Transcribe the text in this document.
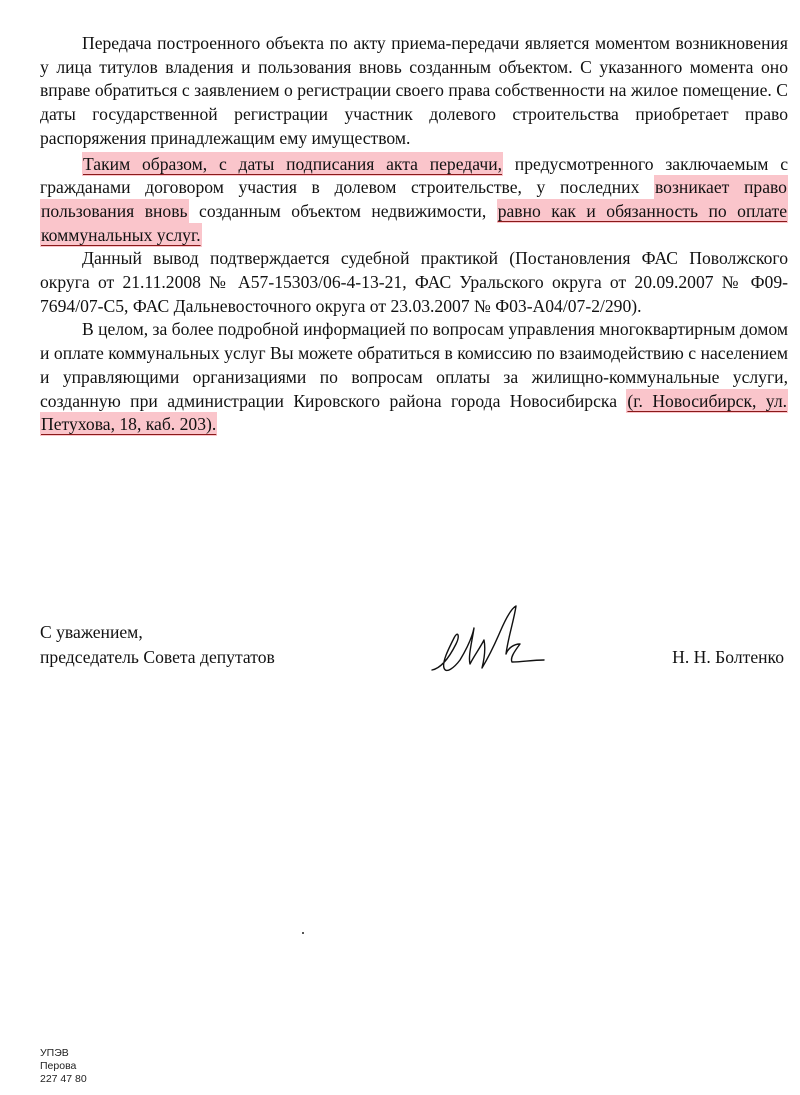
Передача построенного объекта по акту приема-передачи является моментом возникновения у лица титулов владения и пользования вновь созданным объектом. С указанного момента оно вправе обратиться с заявлением о регистрации своего права собственности на жилое помещение. С даты государственной регистрации участник долевого строительства приобретает право распоряжения принадлежащим ему имуществом.

Таким образом, с даты подписания акта передачи, предусмотренного заключаемым с гражданами договором участия в долевом строительстве, у последних возникает право пользования вновь созданным объектом недвижимости, равно как и обязанность по оплате коммунальных услуг.

Данный вывод подтверждается судебной практикой (Постановления ФАС Поволжского округа от 21.11.2008 № А57-15303/06-4-13-21, ФАС Уральского округа от 20.09.2007 № Ф09-7694/07-С5, ФАС Дальневосточного округа от 23.03.2007 № Ф03-А04/07-2/290).

В целом, за более подробной информацией по вопросам управления многоквартирным домом и оплате коммунальных услуг Вы можете обратиться в комиссию по взаимодействию с населением и управляющими организациями по вопросам оплаты за жилищно-коммунальные услуги, созданную при администрации Кировского района города Новосибирска (г. Новосибирск, ул. Петухова, 18, каб. 203).

С уважением,
председатель Совета депутатов	Н. Н. Болтенко
УПЭВ
Перова
227 47 80
